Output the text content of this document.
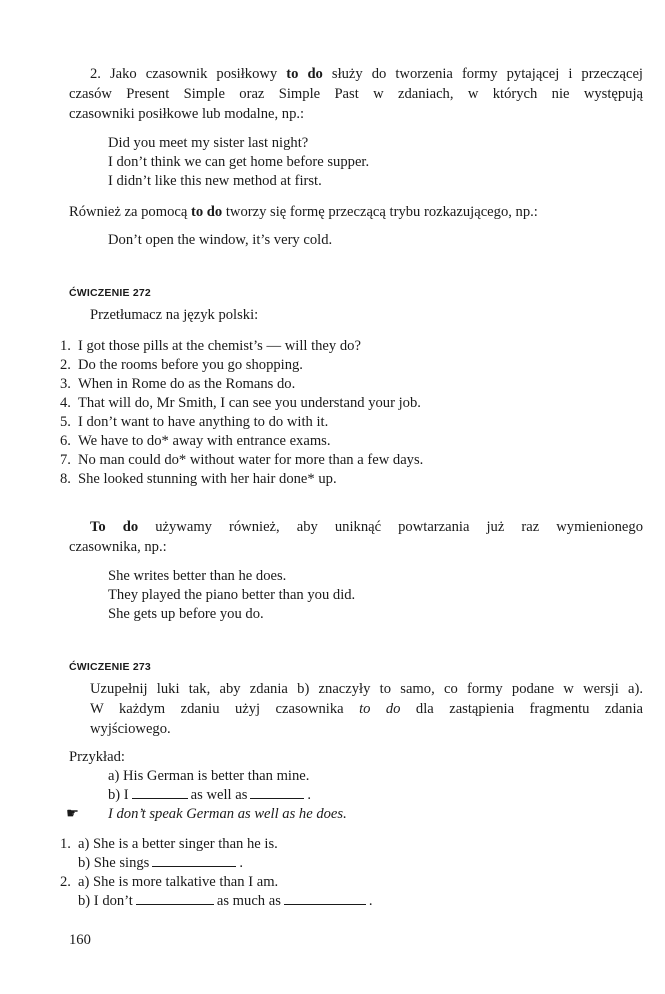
2. Jako czasownik posiłkowy to do służy do tworzenia formy pytającej i przeczącej

czasów Present Simple oraz Simple Past w zdaniach, w których nie występują

czasowniki posiłkowe lub modalne, np.:

Did you meet my sister last night?

I don’t think we can get home before supper.

I didn’t like this new method at first.

Również za pomocą to do tworzy się formę przeczącą trybu rozkazującego, np.:

Don’t open the window, it’s very cold.

ĆWICZENIE 272

Przetłumacz na język polski:

1. I got those pills at the chemist’s — will they do?
2. Do the rooms before you go shopping.
3. When in Rome do as the Romans do.
4. That will do, Mr Smith, I can see you understand your job.
5. I don’t want to have anything to do with it.
6. We have to do* away with entrance exams.
7. No man could do* without water for more than a few days.
8. She looked stunning with her hair done* up.

To do używamy również, aby uniknąć powtarzania już raz wymienionego

czasownika, np.:

She writes better than he does.

They played the piano better than you did.

She gets up before you do.

ĆWICZENIE 273

Uzupełnij luki tak, aby zdania b) znaczyły to samo, co formy podane w wersji a).

W każdym zdaniu użyj czasownika to do dla zastąpienia fragmentu zdania

wyjściowego.

Przykład:

a) His German is better than mine.

b) I	as well as	.

☛ I don’t speak German as well as he does.

1. a) She is a better singer than he is.
b) She sings	.
2. a) She is more talkative than I am.
b) I don’t	as much as	.

160
